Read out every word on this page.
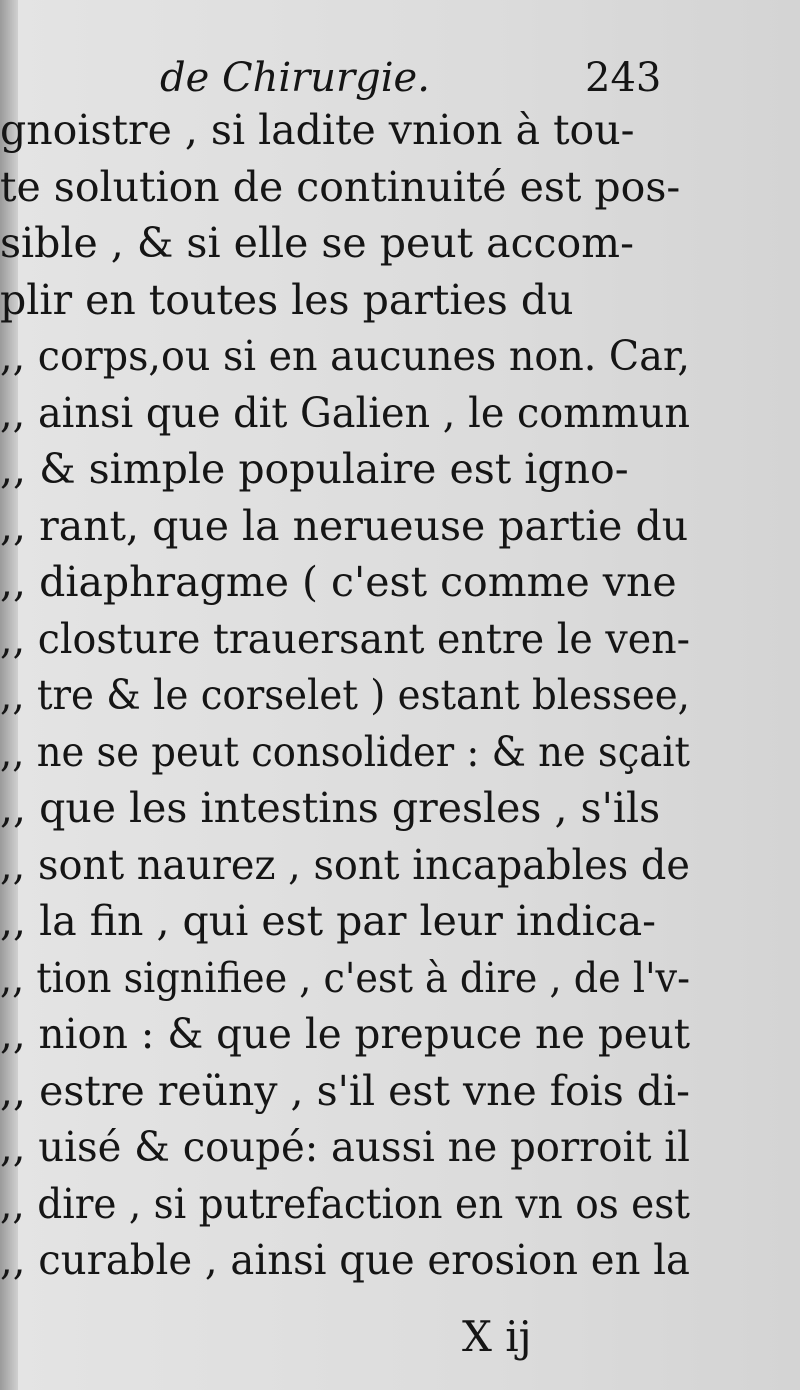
de Chirurgie.	243
gnoistre , si ladite vnion à tou-
te solution de continuité est pos-
sible , & si elle se peut accom-
plir en toutes les parties du
,, corps,ou si en aucunes non. Car,
,, ainsi que dit Galien , le commun
,, & simple populaire est igno-
,, rant, que la nerueuse partie du
,, diaphragme ( c'est comme vne
,, closture trauersant entre le ven-
,, tre & le corselet ) estant blessee,
,, ne se peut consolider : & ne sçait
,, que les intestins gresles , s'ils
,, sont naurez , sont incapables de
,, la fin , qui est par leur indica-
,, tion signifiee , c'est à dire , de l'v-
,, nion : & que le prepuce ne peut
,, estre reüny , s'il est vne fois di-
,, uisé & coupé: aussi ne porroit il
,, dire , si putrefaction en vn os est
,, curable , ainsi que erosion en la
X ij
